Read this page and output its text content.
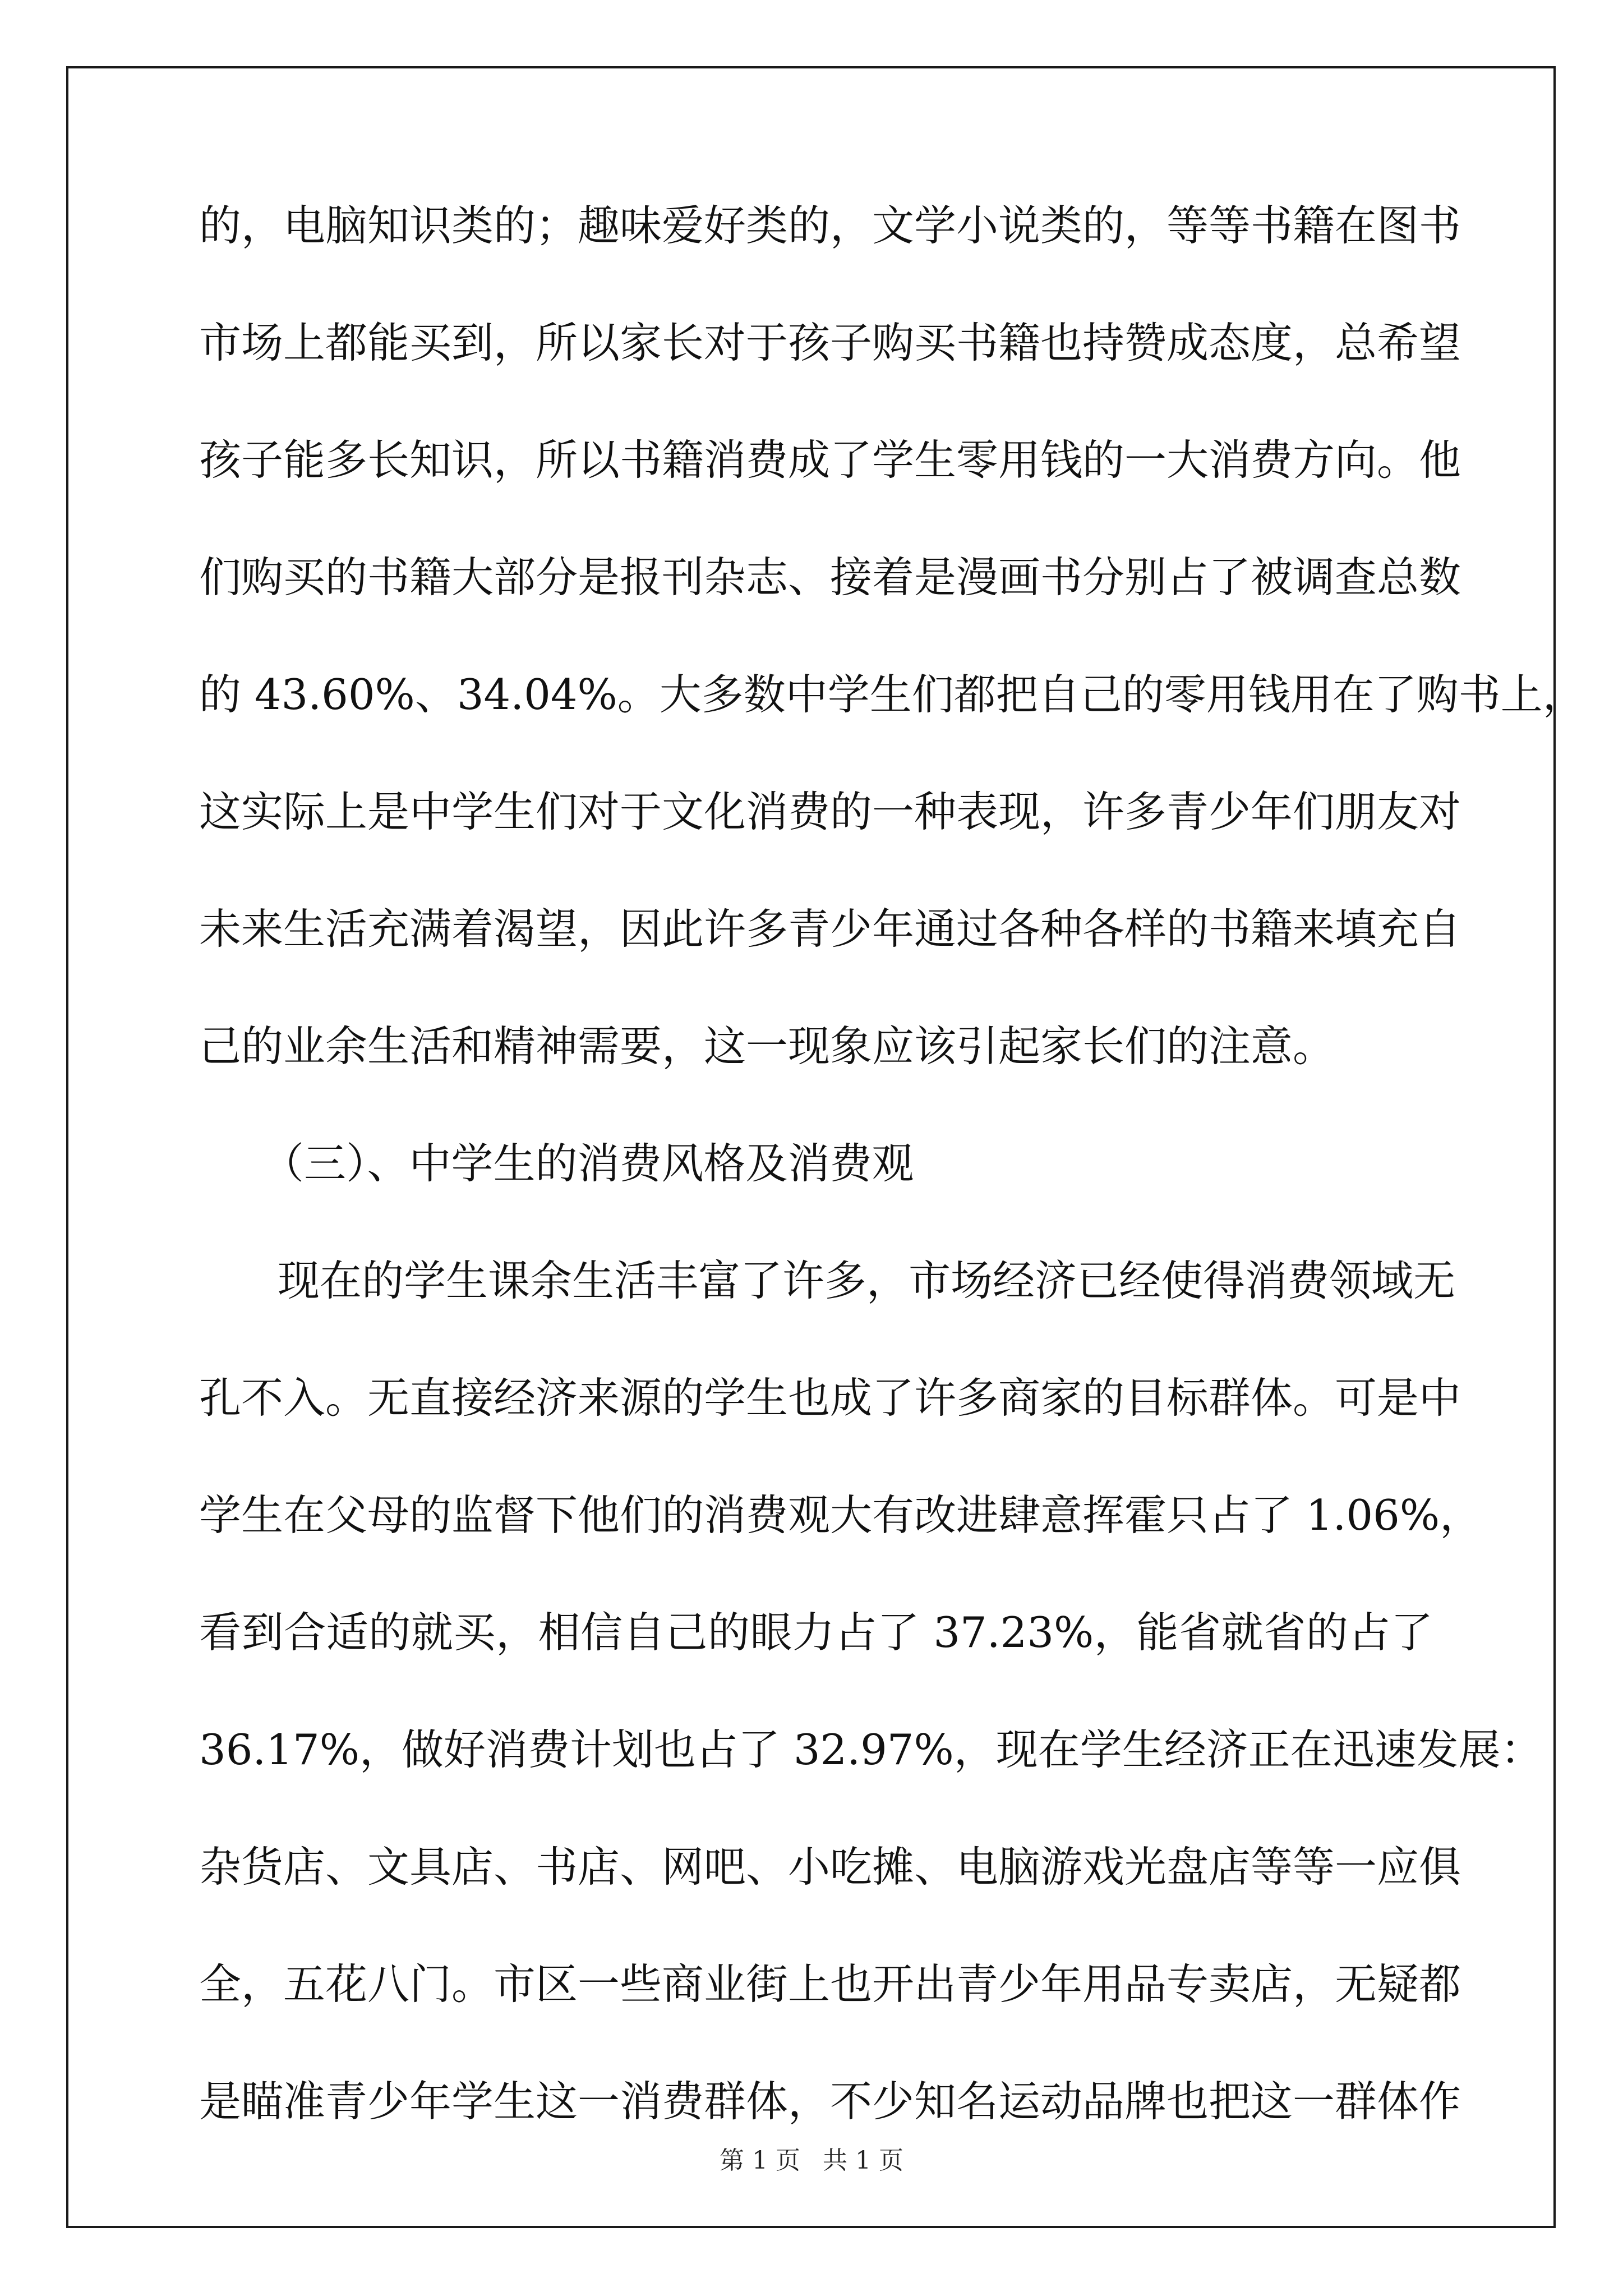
的，电脑知识类的；趣味爱好类的，文学小说类的，等等书籍在图书
市场上都能买到，所以家长对于孩子购买书籍也持赞成态度，总希望
孩子能多长知识，所以书籍消费成了学生零用钱的一大消费方向。他
们购买的书籍大部分是报刊杂志、接着是漫画书分别占了被调查总数
的 43.60%、34.04%。大多数中学生们都把自己的零用钱用在了购书上，
这实际上是中学生们对于文化消费的一种表现，许多青少年们朋友对
未来生活充满着渴望，因此许多青少年通过各种各样的书籍来填充自
己的业余生活和精神需要，这一现象应该引起家长们的注意。
（三）、中学生的消费风格及消费观
现在的学生课余生活丰富了许多，市场经济已经使得消费领域无
孔不入。无直接经济来源的学生也成了许多商家的目标群体。可是中
学生在父母的监督下他们的消费观大有改进肆意挥霍只占了 1.06%，
看到合适的就买，相信自己的眼力占了 37.23%，能省就省的占了
36.17%，做好消费计划也占了 32.97%，现在学生经济正在迅速发展：
杂货店、文具店、书店、网吧、小吃摊、电脑游戏光盘店等等一应俱
全，五花八门。市区一些商业街上也开出青少年用品专卖店，无疑都
是瞄准青少年学生这一消费群体，不少知名运动品牌也把这一群体作
第 1 页 共 1 页
